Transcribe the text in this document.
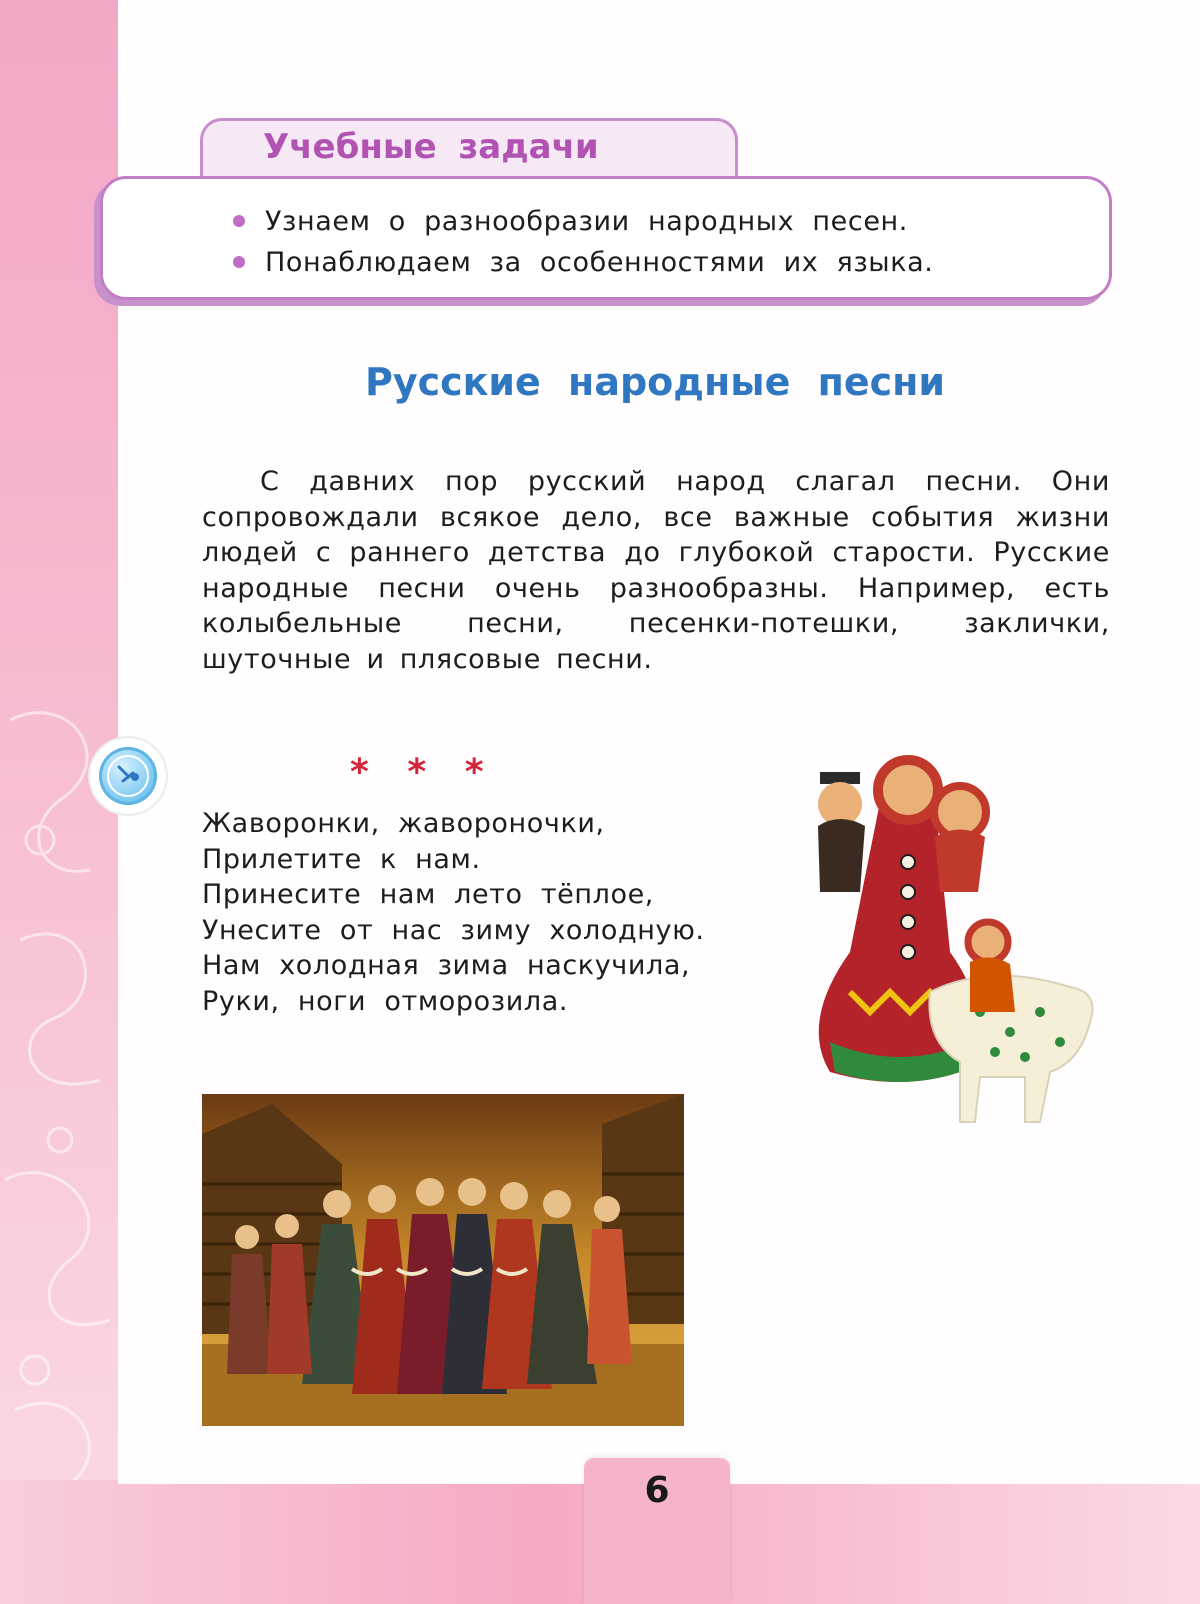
Учебные задачи
Узнаем о разнообразии народных песен.
Понаблюдаем за особенностями их языка.
Русские народные песни

С давних пор русский народ слагал песни. Они сопровождали всякое дело, все важные события жизни людей с раннего детства до глубокой старости. Русские народные песни очень разнообразны. Например, есть колыбельные песни, песенки-потешки, заклички, шуточные и плясовые песни.

* * *
Жаворонки, жавороночки,
Прилетите к нам.
Принесите нам лето тёплое,
Унесите от нас зиму холодную.
Нам холодная зима наскучила,
Руки, ноги отморозила.
6
